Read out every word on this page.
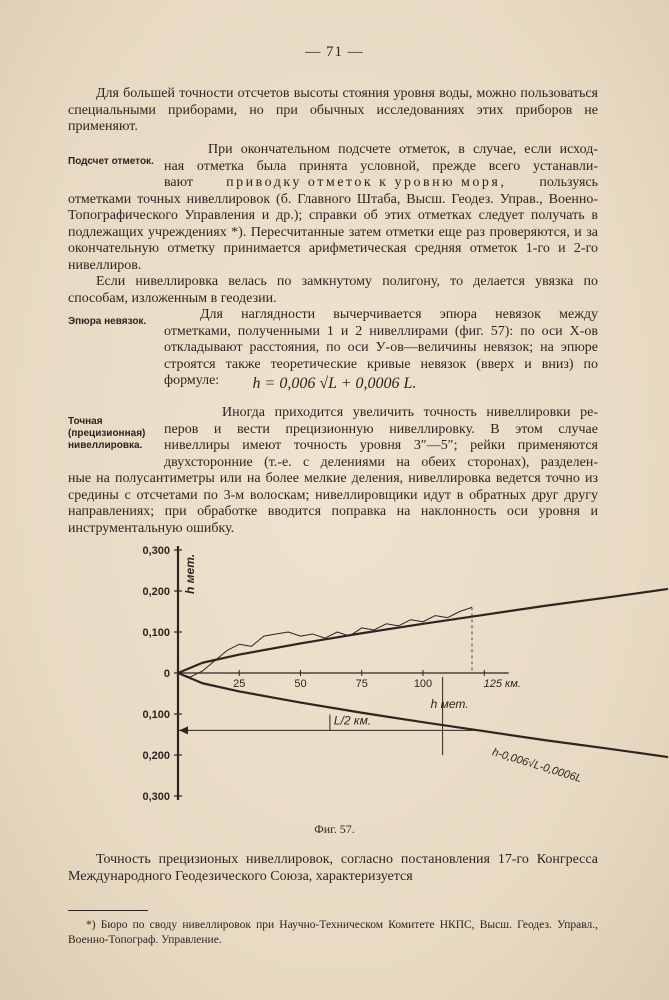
— 71 —
Для большей точности отсчетов высоты стояния уровня воды, можно пользоваться специальными приборами, но при обычных исследованиях этих приборов не применяют.
Подсчет отметок.
При окончательном подсчете отметок, в случае, если исход-
ная отметка была принята условной, прежде всего устанавли-
вают приводку отметок к уровню моря, пользуясь
отметками точных нивеллировок (б. Главного Штаба, Высш. Геодез. Управ., Военно-Топографического Управления и др.); справки об этих отметках следует получать в подлежащих учреждениях *). Пересчитанные затем отметки еще раз проверяются, и за окончательную отметку принимается арифметическая средняя отметок 1-го и 2-го нивеллиров.
Если нивеллировка велась по замкнутому полигону, то делается увязка по способам, изложенным в геодезии.
Эпюра невязок.	Для наглядности вычерчивается эпюра невязок между
отметками, полученными 1 и 2 нивеллирами (фиг. 57): по оси Х-ов откладывают расстояния, по оси У-ов—величины невязок; на эпюре строятся также теоретические кривые невязок (вверх и вниз) по формуле:	h = 0,006 √L + 0,0006 L.
Точная (прецизионная) нивеллировка.
Иногда приходится увеличить точность нивеллировки ре-
перов и вести прецизионную нивеллировку. В этом случае
нивеллиры имеют точность уровня 3″—5″; рейки применяются
двухсторонние (т.-е. с делениями на обеих сторонах), разделен-
ные на полусантиметры или на более мелкие деления, нивеллировка ведется точно из средины с отсчетами по 3-м волоскам; нивеллировщики идут в обратных друг другу направлениях; при обработке вводится поправка на наклонность оси уровня и инструментальную ошибку.
0,300
0,200
0,100
0
0,100
0,200
0,300
25	50	75	100	125 км.
h мет.
h мет.
L/2 км.
h-0,006√L-0,0006L
Фиг. 57.
Точность прецизионых нивеллировок, согласно постановления 17-го Конгресса Международного Геодезического Союза, характеризуется
*) Бюро по своду нивеллировок при Научно-Техническом Комитете НКПС, Высш. Геодез. Управл., Военно-Топограф. Управление.
